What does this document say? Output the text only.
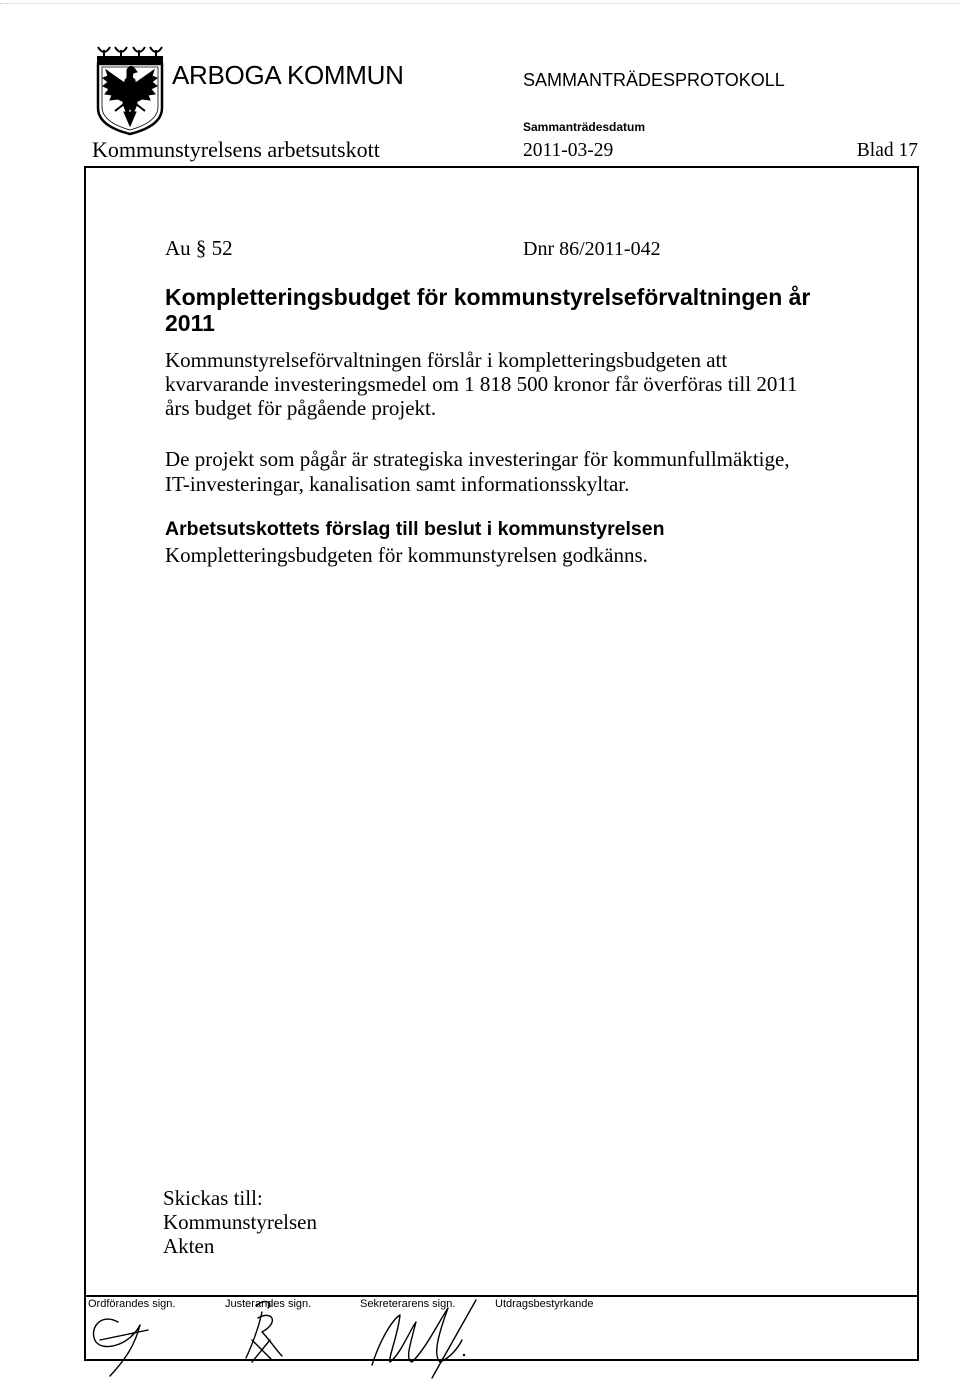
ARBOGA KOMMUN	SAMMANTRÄDESPROTOKOLL
Sammanträdesdatum
Kommunstyrelsens arbetsutskott	2011-03-29	Blad 17
Au § 52	Dnr 86/2011-042
Kompletteringsbudget för kommunstyrelseförvaltningen år
2011
Kommunstyrelseförvaltningen förslår i kompletteringsbudgeten att
kvarvarande investeringsmedel om 1 818 500 kronor får överföras till 2011
års budget för pågående projekt.
De projekt som pågår är strategiska investeringar för kommunfullmäktige,
IT-investeringar, kanalisation samt informationsskyltar.
Arbetsutskottets förslag till beslut i kommunstyrelsen
Kompletteringsbudgeten för kommunstyrelsen godkänns.
Skickas till:
Kommunstyrelsen
Akten
Ordförandes sign.	Justerandes sign.	Sekreterarens sign.	Utdragsbestyrkande
